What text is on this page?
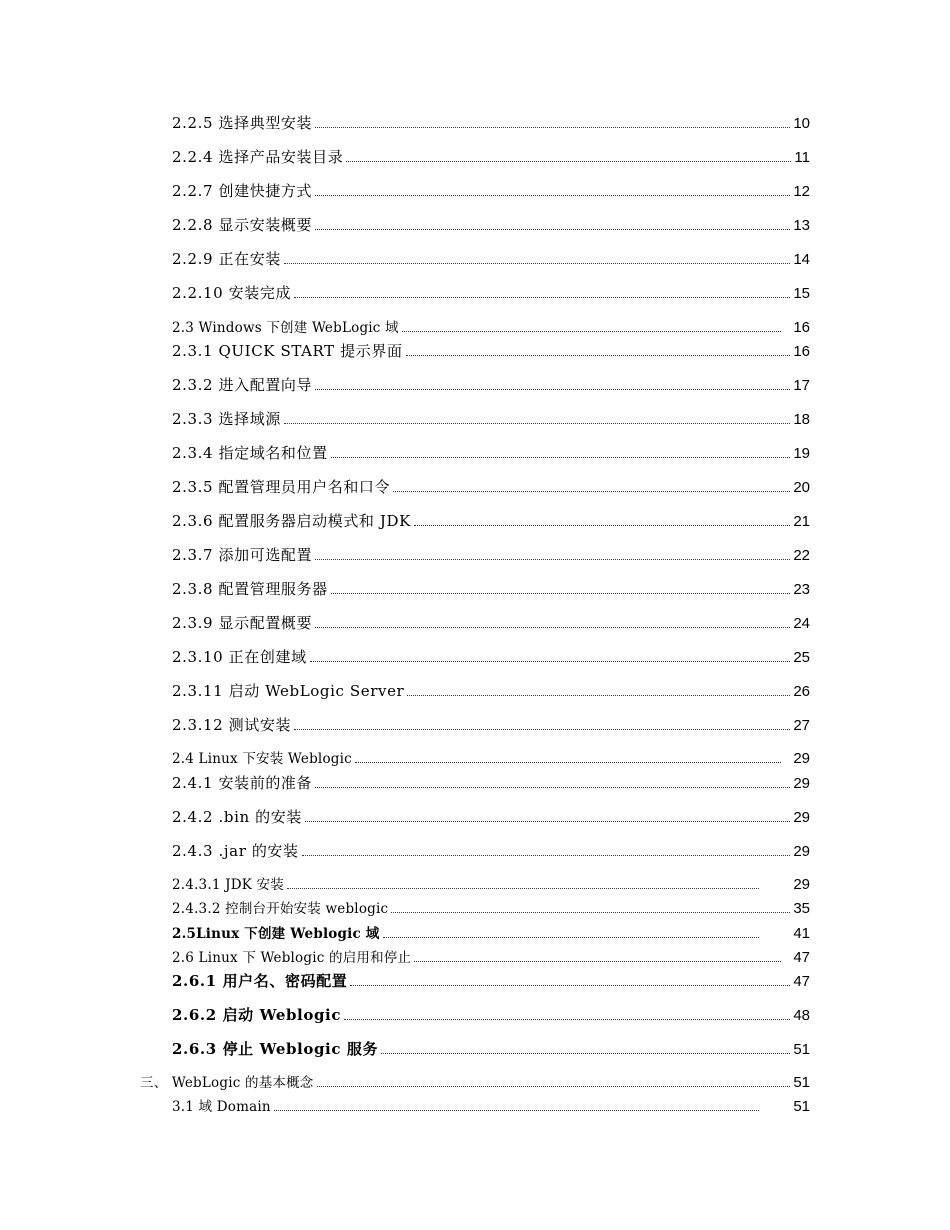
2.2.5 选择典型安装	10
2.2.4 选择产品安装目录	11
2.2.7 创建快捷方式	12
2.2.8 显示安装概要	13
2.2.9 正在安装	14
2.2.10 安装完成	15
2.3 Windows 下创建 WebLogic 域	16
2.3.1 QUICK START 提示界面	16
2.3.2 进入配置向导	17
2.3.3 选择域源	18
2.3.4 指定域名和位置	19
2.3.5 配置管理员用户名和口令	20
2.3.6 配置服务器启动模式和 JDK	21
2.3.7 添加可选配置	22
2.3.8 配置管理服务器	23
2.3.9 显示配置概要	24
2.3.10 正在创建域	25
2.3.11 启动 WebLogic Server	26
2.3.12 测试安装	27
2.4 Linux 下安装 Weblogic	29
2.4.1 安装前的准备	29
2.4.2 .bin 的安装	29
2.4.3 .jar 的安装	29
2.4.3.1 JDK 安装	29
2.4.3.2 控制台开始安装 weblogic	35
2.5Linux 下创建 Weblogic 域	41
2.6 Linux 下 Weblogic 的启用和停止	47
2.6.1 用户名、密码配置	47
2.6.2 启动 Weblogic	48
2.6.3 停止 Weblogic 服务	51
三、 WebLogic 的基本概念	51
3.1 域 Domain	51
